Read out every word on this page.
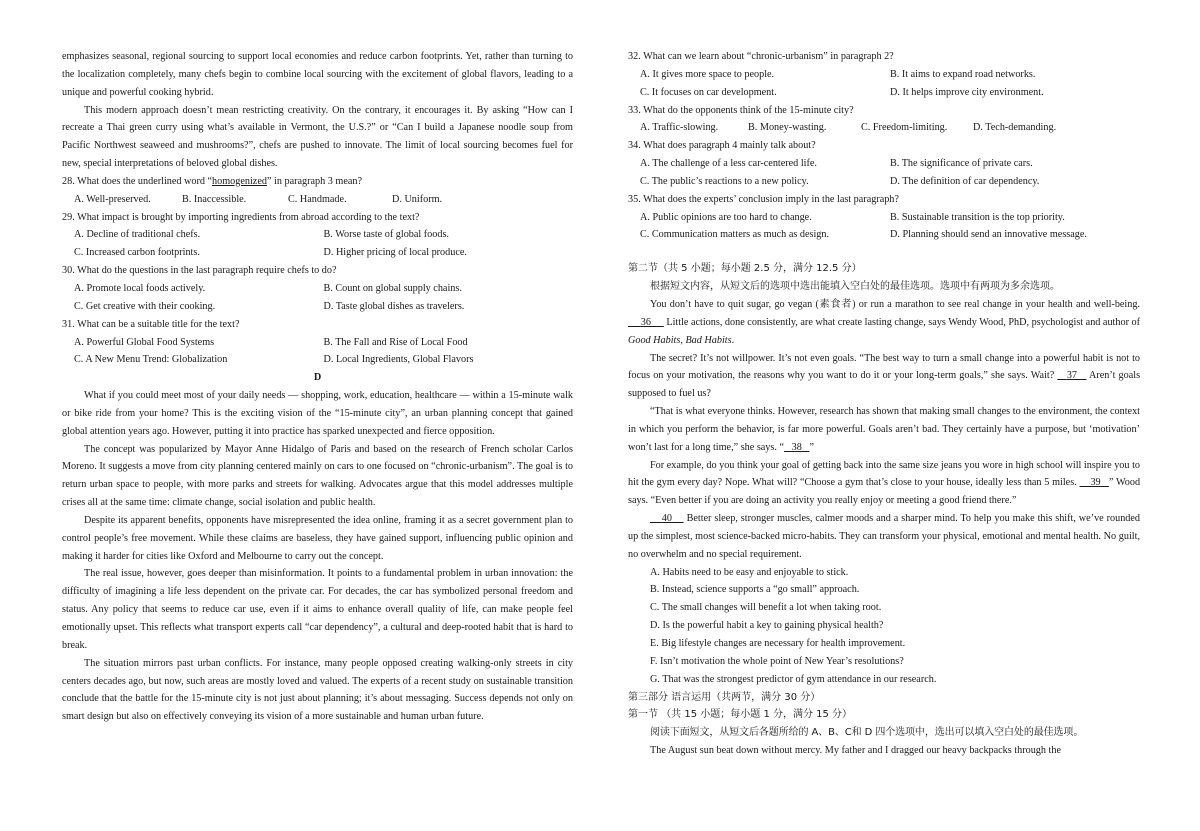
emphasizes seasonal, regional sourcing to support local economies and reduce carbon footprints. Yet, rather than turning to the localization completely, many chefs begin to combine local sourcing with the excitement of global flavors, leading to a unique and powerful cooking hybrid.

This modern approach doesn’t mean restricting creativity. On the contrary, it encourages it. By asking “How can I recreate a Thai green curry using what’s available in Vermont, the U.S.?” or “Can I build a Japanese noodle soup from Pacific Northwest seaweed and mushrooms?”, chefs are pushed to innovate. The limit of local sourcing becomes fuel for new, special interpretations of beloved global dishes.

28. What does the underlined word “homogenized” in paragraph 3 mean?

A. Well-preserved.	B. Inaccessible.	C. Handmade.	D. Uniform.

29. What impact is brought by importing ingredients from abroad according to the text?

A. Decline of traditional chefs.	B. Worse taste of global foods.
C. Increased carbon footprints.	D. Higher pricing of local produce.

30. What do the questions in the last paragraph require chefs to do?

A. Promote local foods actively.	B. Count on global supply chains.
C. Get creative with their cooking.	D. Taste global dishes as travelers.

31. What can be a suitable title for the text?

A. Powerful Global Food Systems	B. The Fall and Rise of Local Food
C. A New Menu Trend: Globalization	D. Local Ingredients, Global Flavors

D

What if you could meet most of your daily needs — shopping, work, education, healthcare — within a 15-minute walk or bike ride from your home? This is the exciting vision of the “15-minute city”, an urban planning concept that gained global attention years ago. However, putting it into practice has sparked unexpected and fierce opposition.

The concept was popularized by Mayor Anne Hidalgo of Paris and based on the research of French scholar Carlos Moreno. It suggests a move from city planning centered mainly on cars to one focused on “chronic-urbanism”. The goal is to return urban space to people, with more parks and streets for walking. Advocates argue that this model addresses multiple crises all at the same time: climate change, social isolation and public health.

Despite its apparent benefits, opponents have misrepresented the idea online, framing it as a secret government plan to control people’s free movement. While these claims are baseless, they have gained support, influencing public opinion and making it harder for cities like Oxford and Melbourne to carry out the concept.

The real issue, however, goes deeper than misinformation. It points to a fundamental problem in urban innovation: the difficulty of imagining a life less dependent on the private car. For decades, the car has symbolized personal freedom and status. Any policy that seems to reduce car use, even if it aims to enhance overall quality of life, can make people feel emotionally upset. This reflects what transport experts call “car dependency”, a cultural and deep-rooted habit that is hard to break.

The situation mirrors past urban conflicts. For instance, many people opposed creating walking-only streets in city centers decades ago, but now, such areas are mostly loved and valued. The experts of a recent study on sustainable transition conclude that the battle for the 15-minute city is not just about planning; it’s about messaging. Success depends not only on smart design but also on effectively conveying its vision of a more sustainable and human urban future.

32. What can we learn about “chronic-urbanism” in paragraph 2?

A. It gives more space to people.	B. It aims to expand road networks.
C. It focuses on car development.	D. It helps improve city environment.

33. What do the opponents think of the 15-minute city?

A. Traffic-slowing.	B. Money-wasting.	C. Freedom-limiting.	D. Tech-demanding.

34. What does paragraph 4 mainly talk about?

A. The challenge of a less car-centered life.	B. The significance of private cars.
C. The public’s reactions to a new policy.	D. The definition of car dependency.

35. What does the experts’ conclusion imply in the last paragraph?

A. Public opinions are too hard to change.	B. Sustainable transition is the top priority.
C. Communication matters as much as design.	D. Planning should send an innovative message.

第二节（共 5 小题；每小题 2.5 分，满分 12.5 分）

根据短文内容，从短文后的选项中选出能填入空白处的最佳选项。选项中有两项为多余选项。

You don’t have to quit sugar, go vegan (素食者) or run a marathon to see real change in your health and well-being.      36 Little actions, done consistently, are what create lasting change, says Wendy Wood, PhD, psychologist and author of Good Habits, Bad Habits.

The secret? It’s not willpower. It’s not even goals. “The best way to turn a small change into a powerful habit is not to focus on your motivation, the reasons why you want to do it or your long-term goals,” she says. Wait? 37 Aren’t goals supposed to fuel us?

“That is what everyone thinks. However, research has shown that making small changes to the environment, the context in which you perform the behavior, is far more powerful. Goals aren’t bad. They certainly have a purpose, but ‘motivation’ won’t last for a long time,” she says. “ 38 ”

For example, do you think your goal of getting back into the same size jeans you wore in high school will inspire you to hit the gym every day? Nope. What will? “Choose a gym that’s close to your house, ideally less than 5 miles. 39 ” Wood says. “Even better if you are doing an activity you really enjoy or meeting a good friend there.”

40 Better sleep, stronger muscles, calmer moods and a sharper mind. To help you make this shift, we’ve rounded up the simplest, most science-backed micro-habits. They can transform your physical, emotional and mental health. No guilt, no overwhelm and no special requirement.

A. Habits need to be easy and enjoyable to stick.

B. Instead, science supports a “go small” approach.

C. The small changes will benefit a lot when taking root.

D. Is the powerful habit a key to gaining physical health?

E. Big lifestyle changes are necessary for health improvement.

F. Isn’t motivation the whole point of New Year’s resolutions?

G. That was the strongest predictor of gym attendance in our research.

第三部分 语言运用（共两节，满分 30 分）

第一节 （共 15 小题；每小题 1 分，满分 15 分）

阅读下面短文，从短文后各题所给的 A、B、C和 D 四个选项中，选出可以填入空白处的最佳选项。

The August sun beat down without mercy. My father and I dragged our heavy backpacks through the
